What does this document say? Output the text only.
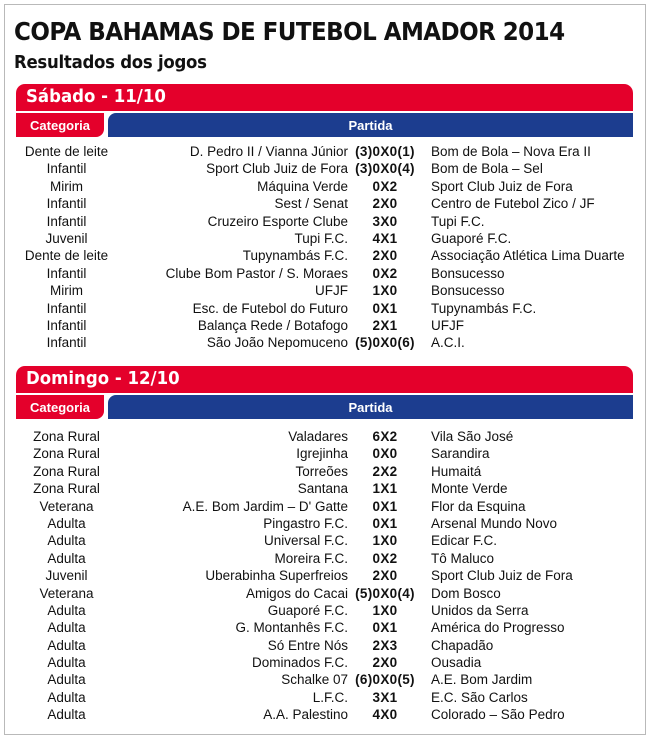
COPA BAHAMAS DE FUTEBOL AMADOR 2014
Resultados dos jogos
Sábado - 11/10
Categoria	Partida
Dente de leite	D. Pedro II / Vianna Júnior (3)0X0(1)	Bom de Bola – Nova Era II
Infantil	Sport Club Juiz de Fora (3)0X0(4)	Bom de Bola – Sel
Mirim	Máquina Verde	0X2	Sport Club Juiz de Fora
Infantil	Sest / Senat	2X0	Centro de Futebol Zico / JF
Infantil	Cruzeiro Esporte Clube	3X0	Tupi F.C.
Juvenil	Tupi F.C.	4X1	Guaporé F.C.
Dente de leite	Tupynambás F.C.	2X0	Associação Atlética Lima Duarte
Infantil	Clube Bom Pastor / S. Moraes	0X2	Bonsucesso
Mirim	UFJF	1X0	Bonsucesso
Infantil	Esc. de Futebol do Futuro	0X1	Tupynambás F.C.
Infantil	Balança Rede / Botafogo	2X1	UFJF
Infantil	São João Nepomuceno (5)0X0(6)	A.C.I.
Domingo - 12/10
Categoria	Partida
Zona Rural	Valadares	6X2	Vila São José
Zona Rural	Igrejinha	0X0	Sarandira
Zona Rural	Torreões	2X2	Humaitá
Zona Rural	Santana	1X1	Monte Verde
Veterana	A.E. Bom Jardim – D' Gatte	0X1	Flor da Esquina
Adulta	Pingastro F.C.	0X1	Arsenal Mundo Novo
Adulta	Universal F.C.	1X0	Edicar F.C.
Adulta	Moreira F.C.	0X2	Tô Maluco
Juvenil	Uberabinha Superfreios	2X0	Sport Club Juiz de Fora
Veterana	Amigos do Cacai (5)0X0(4)	Dom Bosco
Adulta	Guaporé F.C.	1X0	Unidos da Serra
Adulta	G. Montanhês F.C.	0X1	América do Progresso
Adulta	Só Entre Nós	2X3	Chapadão
Adulta	Dominados F.C.	2X0	Ousadia
Adulta	Schalke 07 (6)0X0(5)	A.E. Bom Jardim
Adulta	L.F.C.	3X1	E.C. São Carlos
Adulta	A.A. Palestino	4X0	Colorado – São Pedro
